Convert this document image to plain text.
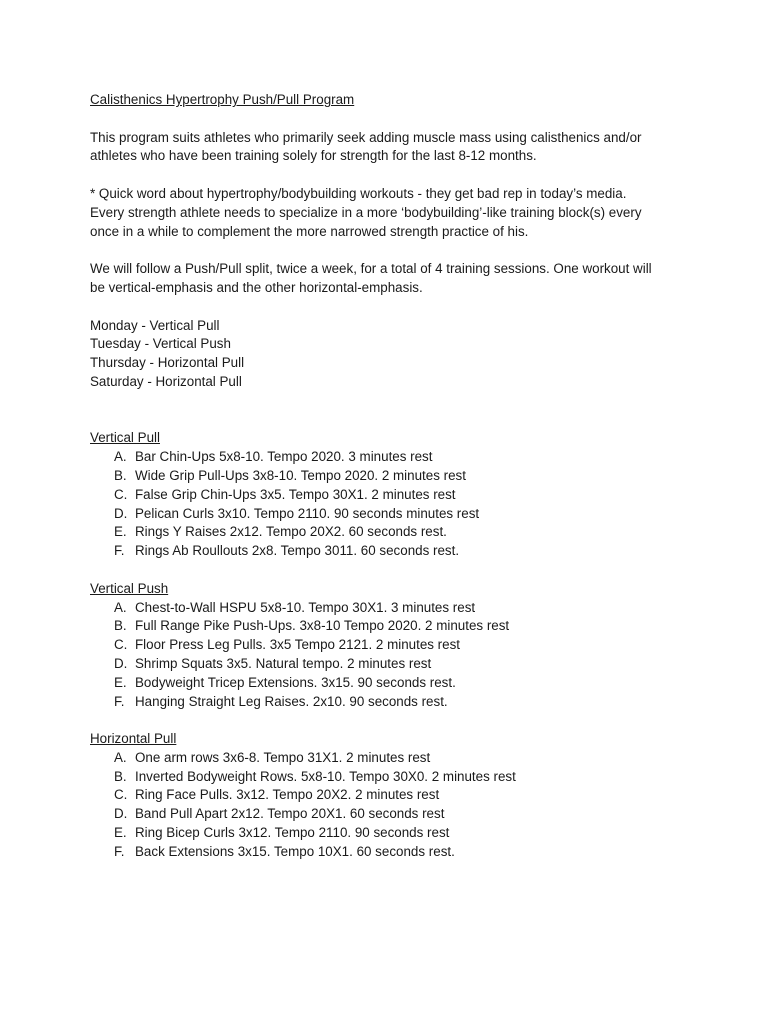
Calisthenics Hypertrophy Push/Pull Program

This program suits athletes who primarily seek adding muscle mass using calisthenics and/or
athletes who have been training solely for strength for the last 8-12 months.

* Quick word about hypertrophy/bodybuilding workouts - they get bad rep in today’s media.
Every strength athlete needs to specialize in a more ‘bodybuilding’-like training block(s) every
once in a while to complement the more narrowed strength practice of his.

We will follow a Push/Pull split, twice a week, for a total of 4 training sessions. One workout will
be vertical-emphasis and the other horizontal-emphasis.

Monday - Vertical Pull
Tuesday - Vertical Push
Thursday - Horizontal Pull
Saturday - Horizontal Pull

Vertical Pull
A. Bar Chin-Ups 5x8-10. Tempo 2020. 3 minutes rest
B. Wide Grip Pull-Ups 3x8-10. Tempo 2020. 2 minutes rest
C. False Grip Chin-Ups 3x5. Tempo 30X1. 2 minutes rest
D. Pelican Curls 3x10. Tempo 2110. 90 seconds minutes rest
E. Rings Y Raises 2x12. Tempo 20X2. 60 seconds rest.
F. Rings Ab Roullouts 2x8. Tempo 3011. 60 seconds rest.
Vertical Push
A. Chest-to-Wall HSPU 5x8-10. Tempo 30X1. 3 minutes rest
B. Full Range Pike Push-Ups. 3x8-10 Tempo 2020. 2 minutes rest
C. Floor Press Leg Pulls. 3x5 Tempo 2121. 2 minutes rest
D. Shrimp Squats 3x5. Natural tempo. 2 minutes rest
E. Bodyweight Tricep Extensions. 3x15. 90 seconds rest.
F. Hanging Straight Leg Raises. 2x10. 90 seconds rest.
Horizontal Pull
A. One arm rows 3x6-8. Tempo 31X1. 2 minutes rest
B. Inverted Bodyweight Rows. 5x8-10. Tempo 30X0. 2 minutes rest
C. Ring Face Pulls. 3x12. Tempo 20X2. 2 minutes rest
D. Band Pull Apart 2x12. Tempo 20X1. 60 seconds rest
E. Ring Bicep Curls 3x12. Tempo 2110. 90 seconds rest
F. Back Extensions 3x15. Tempo 10X1. 60 seconds rest.
